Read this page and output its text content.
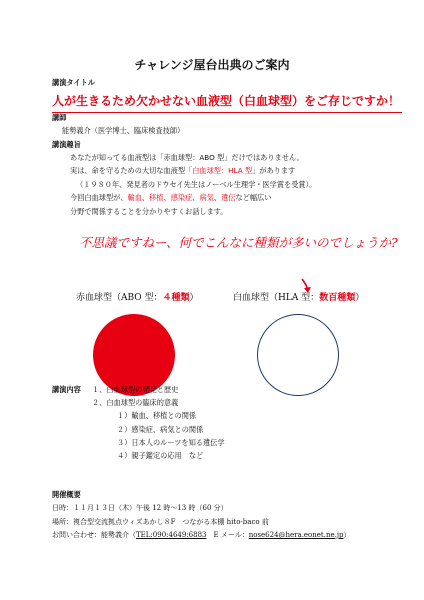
チャレンジ屋台出典のご案内
講演タイトル
人が生きるため欠かせない血液型（白血球型）をご存じですか！
講師
能勢義介（医学博士、臨床検査技師）
講演趣旨
あなたが知ってる血液型は「赤血球型：ABO 型」だけではありません。
実は、命を守るための大切な血液型「白血球型：HLA 型」があります
（１９８０年、発見者のドウセイ先生はノーベル生理学・医学賞を受賞）。
今回白血球型が、輸血、移植、感染症、病気、遺伝など幅広い
分野で関係することを分かりやすくお話します。
不思議ですねー、何でこんなに種類が多いのでしょうか?
赤血球型（ABO 型：４種類）	白血球型（HLA 型：数百種類）
講演内容 １、白血球型の発見と歴史
２、白血球型の臨床的意義
１）輸血、移植との関係
２）感染症、病気との関係
３）日本人のルーツを知る遺伝学
４）親子鑑定の応用　など
開催概要
日時：１１月１３日（木）午後 12 時～13 時（60 分）
場所：複合型交流拠点ウィズあかし８F　つながる本棚 hito-baco 前
お問い合わせ：能勢義介（TEL:090:4649:6883　E メール：nose624@hera.eonet.ne.jp）
